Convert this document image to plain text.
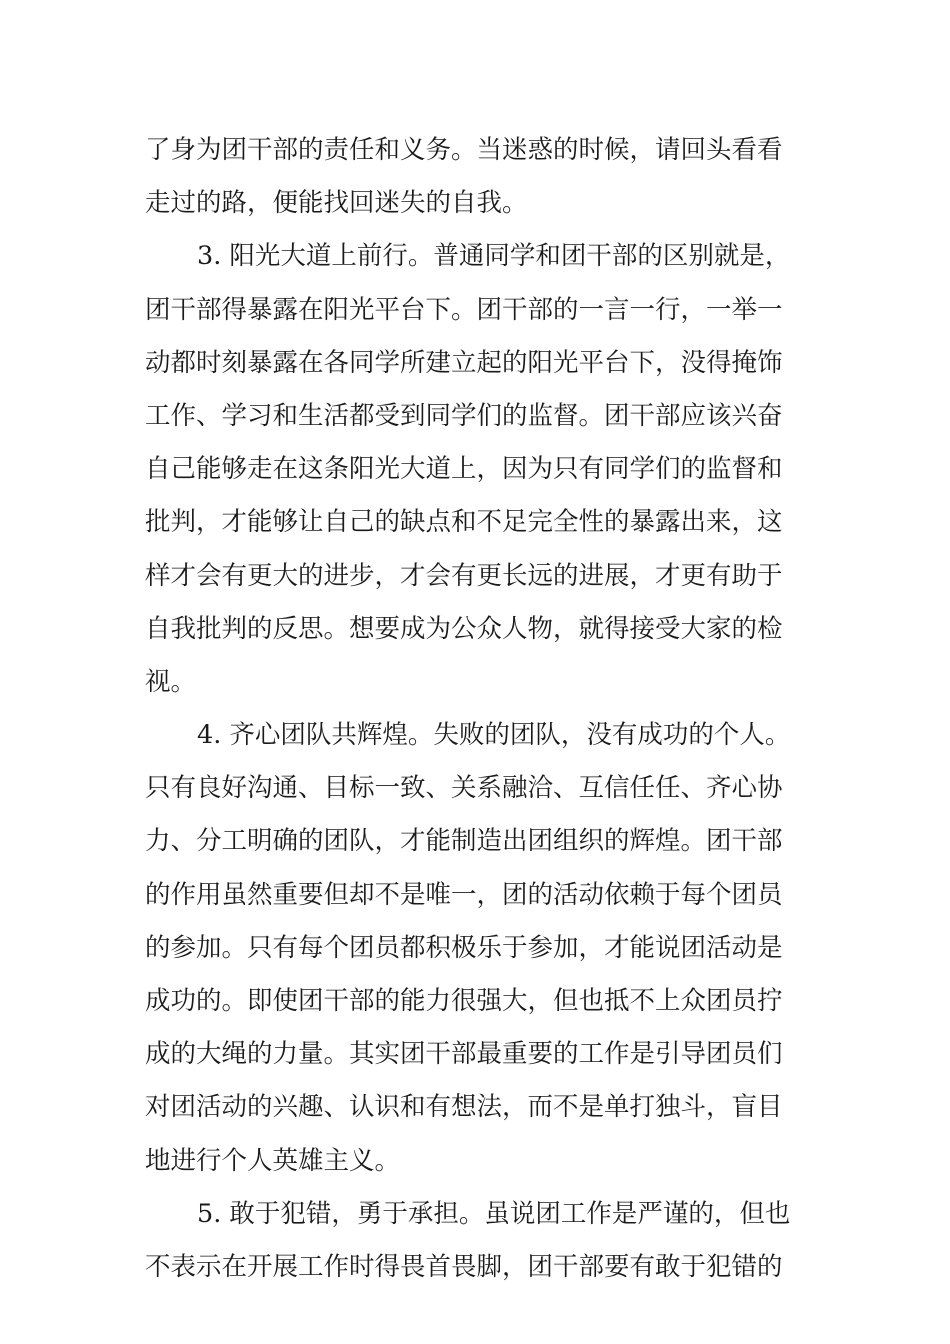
了身为团干部的责任和义务。当迷惑的时候，请回头看看
走过的路，便能找回迷失的自我。
3. 阳光大道上前行。普通同学和团干部的区别就是，
团干部得暴露在阳光平台下。团干部的一言一行，一举一
动都时刻暴露在各同学所建立起的阳光平台下，没得掩饰
工作、学习和生活都受到同学们的监督。团干部应该兴奋
自己能够走在这条阳光大道上，因为只有同学们的监督和
批判，才能够让自己的缺点和不足完全性的暴露出来，这
样才会有更大的进步，才会有更长远的进展，才更有助于
自我批判的反思。想要成为公众人物，就得接受大家的检
视。
4. 齐心团队共辉煌。失败的团队，没有成功的个人。
只有良好沟通、目标一致、关系融洽、互信任任、齐心协
力、分工明确的团队，才能制造出团组织的辉煌。团干部
的作用虽然重要但却不是唯一，团的活动依赖于每个团员
的参加。只有每个团员都积极乐于参加，才能说团活动是
成功的。即使团干部的能力很强大，但也抵不上众团员拧
成的大绳的力量。其实团干部最重要的工作是引导团员们
对团活动的兴趣、认识和有想法，而不是单打独斗，盲目
地进行个人英雄主义。
5. 敢于犯错，勇于承担。虽说团工作是严谨的，但也
不表示在开展工作时得畏首畏脚，团干部要有敢于犯错的
